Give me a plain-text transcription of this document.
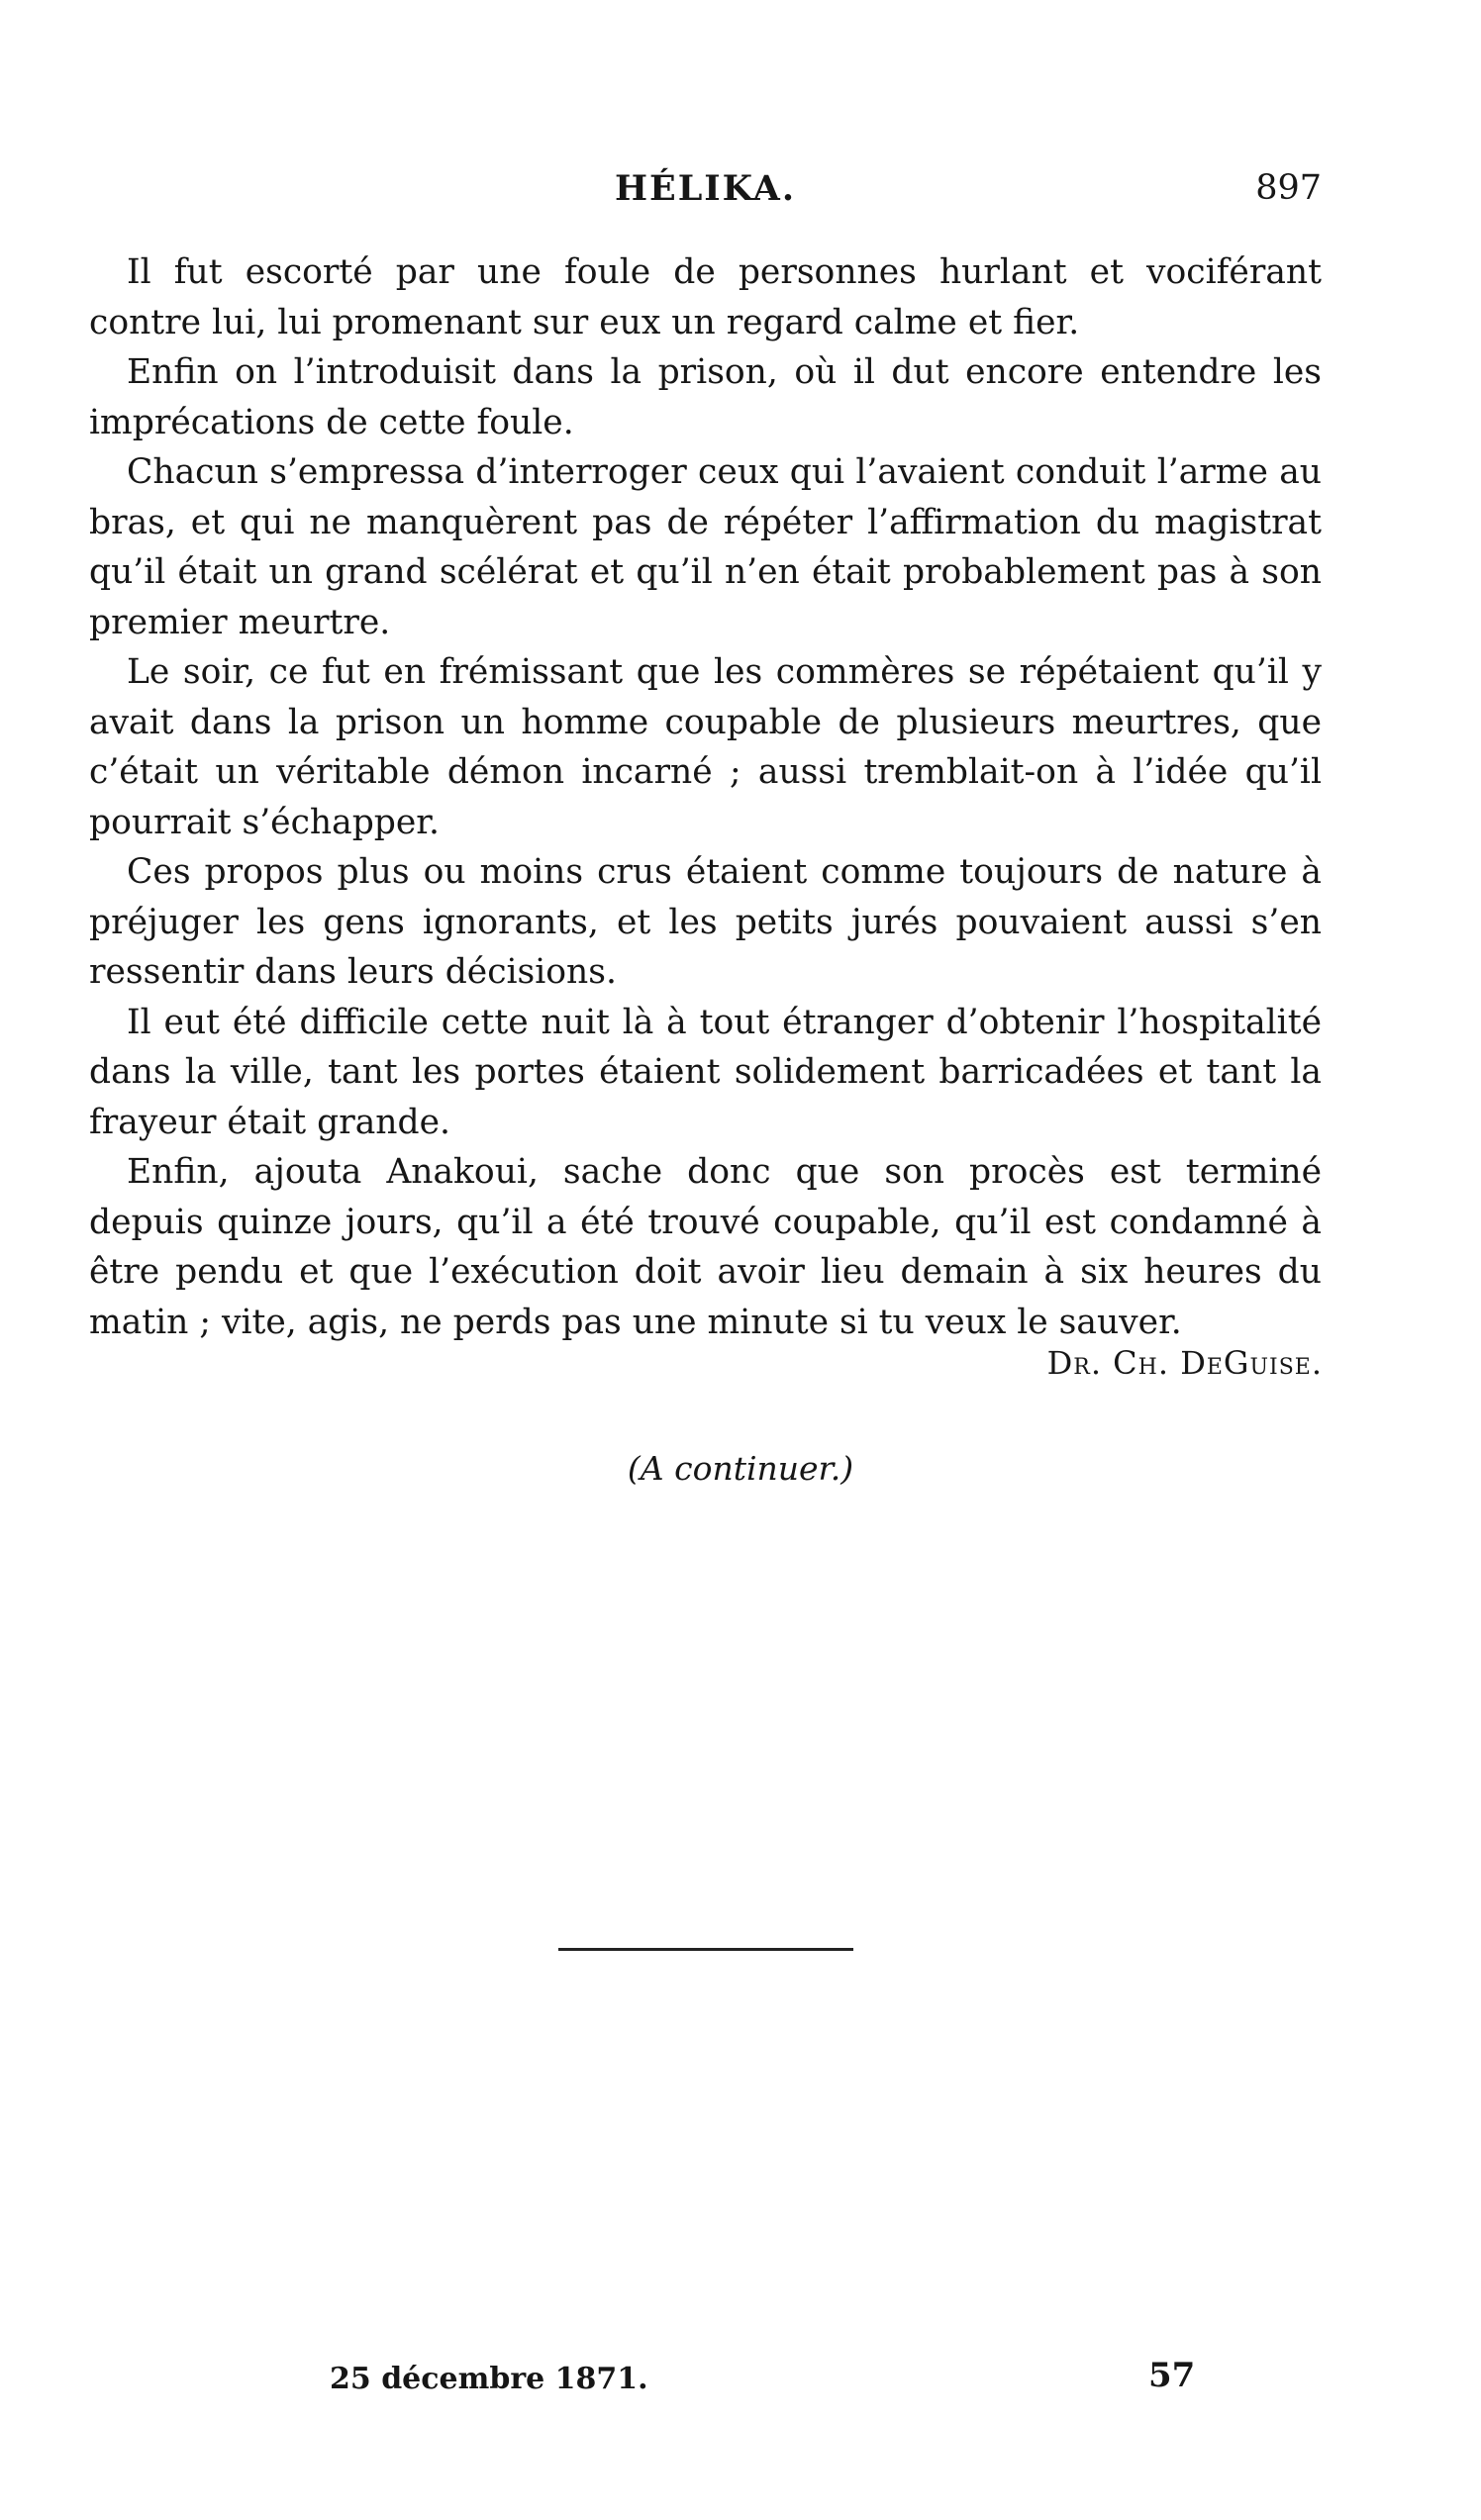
HÉLIKA.	897

Il fut escorté par une foule de personnes hurlant et vociférant contre lui, lui promenant sur eux un regard calme et fier.

Enfin on l’introduisit dans la prison, où il dut encore entendre les imprécations de cette foule.

Chacun s’empressa d’interroger ceux qui l’avaient conduit l’arme au bras, et qui ne manquèrent pas de répéter l’affirmation du magistrat qu’il était un grand scélérat et qu’il n’en était probablement pas à son premier meurtre.

Le soir, ce fut en frémissant que les commères se répétaient qu’il y avait dans la prison un homme coupable de plusieurs meurtres, que c’était un véritable démon incarné ; aussi tremblait-on à l’idée qu’il pourrait s’échapper.

Ces propos plus ou moins crus étaient comme toujours de nature à préjuger les gens ignorants, et les petits jurés pouvaient aussi s’en ressentir dans leurs décisions.

Il eut été difficile cette nuit là à tout étranger d’obtenir l’hospitalité dans la ville, tant les portes étaient solidement barricadées et tant la frayeur était grande.

Enfin, ajouta Anakoui, sache donc que son procès est terminé depuis quinze jours, qu’il a été trouvé coupable, qu’il est condamné à être pendu et que l’exécution doit avoir lieu demain à six heures du matin ; vite, agis, ne perds pas une minute si tu veux le sauver.

Dr. Ch. DeGuise.
(A continuer.)
25 décembre 1871.	57
